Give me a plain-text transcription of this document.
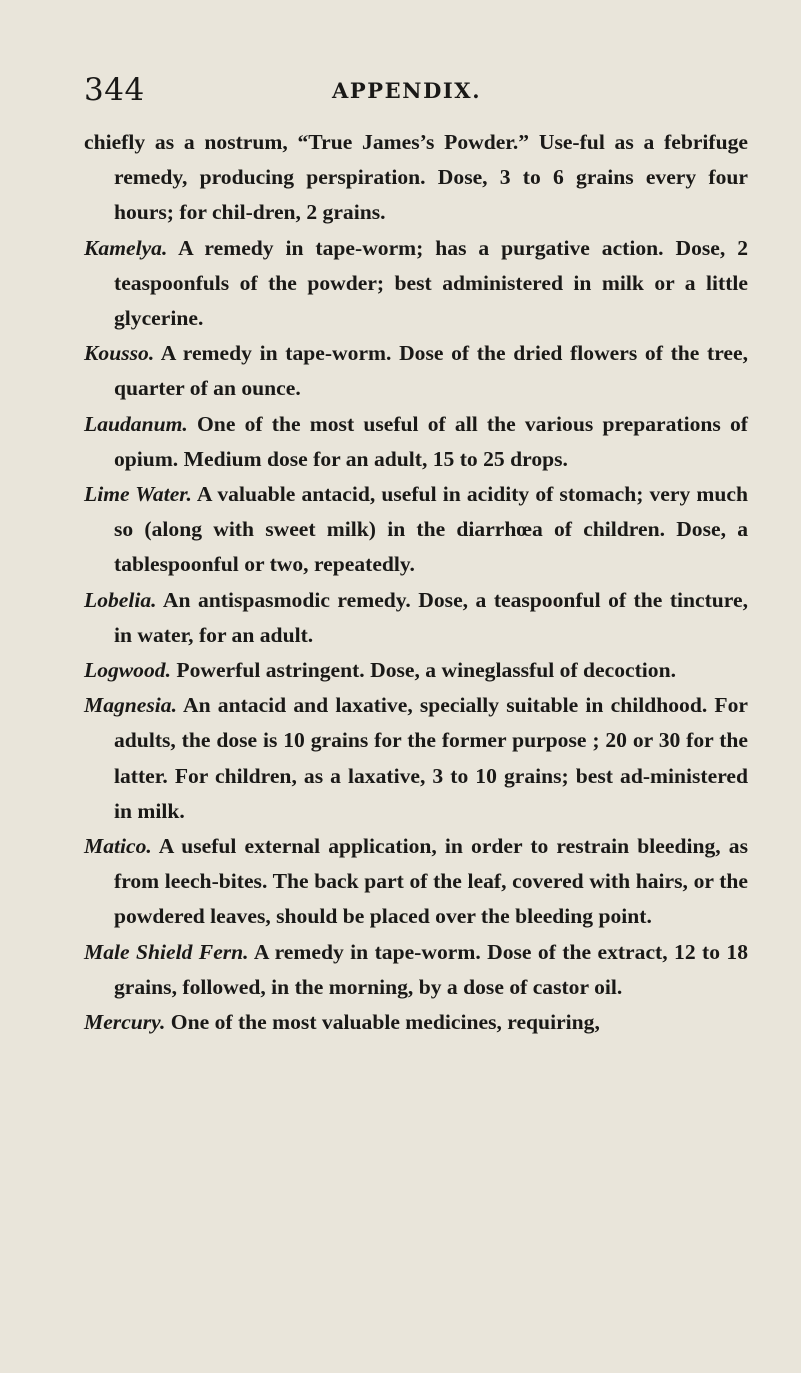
344	APPENDIX.

chiefly as a nostrum, “True James’s Powder.” Use-ful as a febrifuge remedy, producing perspiration. Dose, 3 to 6 grains every four hours; for chil-dren, 2 grains.

Kamelya. A remedy in tape-worm; has a purgative action. Dose, 2 teaspoonfuls of the powder; best administered in milk or a little glycerine.

Kousso. A remedy in tape-worm. Dose of the dried flowers of the tree, quarter of an ounce.

Laudanum. One of the most useful of all the various preparations of opium. Medium dose for an adult, 15 to 25 drops.

Lime Water. A valuable antacid, useful in acidity of stomach; very much so (along with sweet milk) in the diarrhœa of children. Dose, a tablespoonful or two, repeatedly.

Lobelia. An antispasmodic remedy. Dose, a teaspoonful of the tincture, in water, for an adult.

Logwood. Powerful astringent. Dose, a wineglassful of decoction.

Magnesia. An antacid and laxative, specially suitable in childhood. For adults, the dose is 10 grains for the former purpose ; 20 or 30 for the latter. For children, as a laxative, 3 to 10 grains; best ad-ministered in milk.

Matico. A useful external application, in order to restrain bleeding, as from leech-bites. The back part of the leaf, covered with hairs, or the powdered leaves, should be placed over the bleeding point.

Male Shield Fern. A remedy in tape-worm. Dose of the extract, 12 to 18 grains, followed, in the morning, by a dose of castor oil.

Mercury. One of the most valuable medicines, requiring,
